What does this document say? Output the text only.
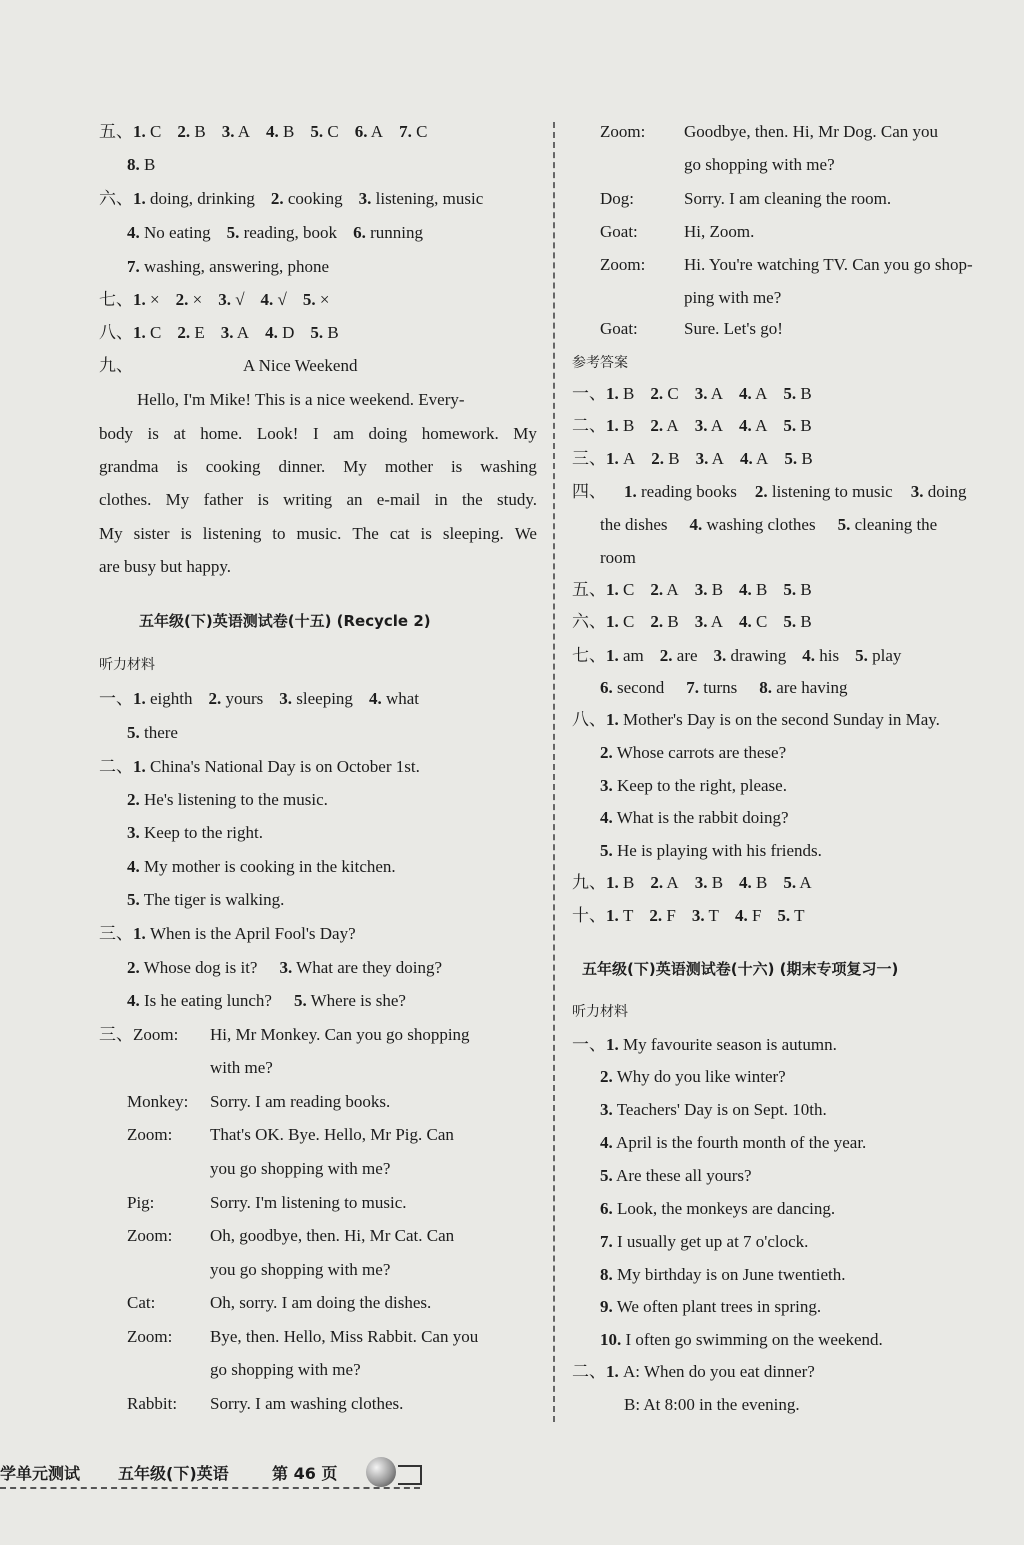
五、1. C 2. B 3. A 4. B 5. C 6. A 7. C
8. B
六、1. doing, drinking 2. cooking 3. listening, music
4. No eating 5. reading, book 6. running
7. washing, answering, phone
七、1. × 2. × 3. √ 4. √ 5. ×
八、1. C 2. E 3. A 4. D 5. B
九、	A Nice Weekend
Hello, I'm Mike! This is a nice weekend. Every-
body is at home. Look! I am doing homework. My
grandma is cooking dinner. My mother is washing
clothes. My father is writing an e-mail in the study.
My sister is listening to music. The cat is sleeping. We
are busy but happy.
五年级(下)英语测试卷(十五) (Recycle 2)
听力材料
一、1. eighth 2. yours 3. sleeping 4. what
5. there
二、1. China's National Day is on October 1st.
2. He's listening to the music.
3. Keep to the right.
4. My mother is cooking in the kitchen.
5. The tiger is walking.
三、1. When is the April Fool's Day?
2. Whose dog is it? 3. What are they doing?
4. Is he eating lunch? 5. Where is she?
三、Zoom: Hi, Mr Monkey. Can you go shopping
with me?
Monkey: Sorry. I am reading books.
Zoom: That's OK. Bye. Hello, Mr Pig. Can
you go shopping with me?
Pig:	Sorry. I'm listening to music.
Zoom: Oh, goodbye, then. Hi, Mr Cat. Can
you go shopping with me?
Cat:	Oh, sorry. I am doing the dishes.
Zoom: Bye, then. Hello, Miss Rabbit. Can you
go shopping with me?
Rabbit: Sorry. I am washing clothes.
Zoom: Goodbye, then. Hi, Mr Dog. Can you
go shopping with me?
Dog:	Sorry. I am cleaning the room.
Goat:	Hi, Zoom.
Zoom: Hi. You're watching TV. Can you go shop-
ping with me?
Goat:	Sure. Let's go!
参考答案
一、1. B 2. C 3. A 4. A 5. B
二、1. B 2. A 3. A 4. A 5. B
三、1. A 2. B 3. A 4. A 5. B
四、 1. reading books 2. listening to music 3. doing
the dishes 4. washing clothes 5. cleaning the
room
五、1. C 2. A 3. B 4. B 5. B
六、1. C 2. B 3. A 4. C 5. B
七、1. am 2. are 3. drawing 4. his 5. play
6. second 7. turns 8. are having
八、1. Mother's Day is on the second Sunday in May.
2. Whose carrots are these?
3. Keep to the right, please.
4. What is the rabbit doing?
5. He is playing with his friends.
九、1. B 2. A 3. B 4. B 5. A
十、1. T 2. F 3. T 4. F 5. T
五年级(下)英语测试卷(十六) (期末专项复习一)
听力材料
一、1. My favourite season is autumn.
2. Why do you like winter?
3. Teachers' Day is on Sept. 10th.
4. April is the fourth month of the year.
5. Are these all yours?
6. Look, the monkeys are dancing.
7. I usually get up at 7 o'clock.
8. My birthday is on June twentieth.
9. We often plant trees in spring.
10. I often go swimming on the weekend.
二、1. A: When do you eat dinner?
B: At 8:00 in the evening.
学单元测试 五年级(下)英语	第 46 页
